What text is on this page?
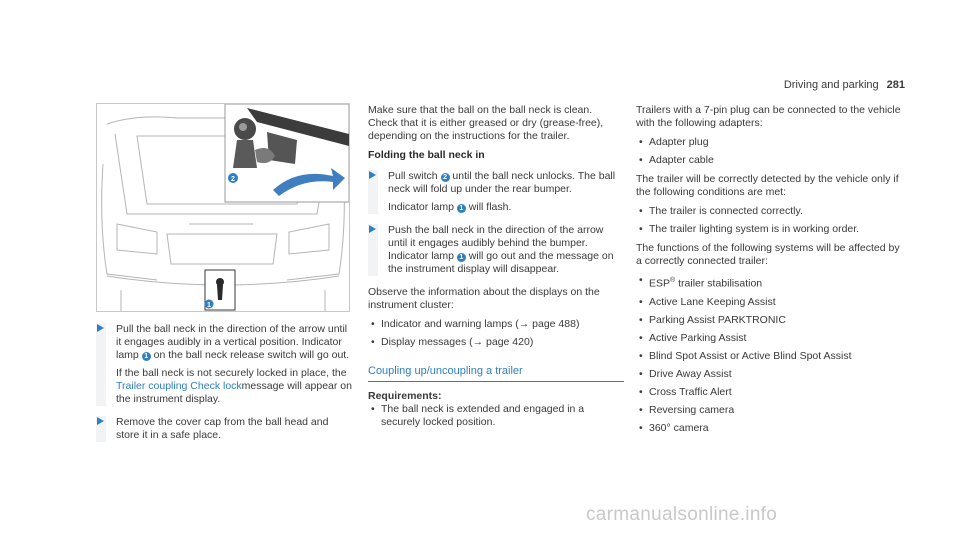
Driving and parking 281
2
1

Pull the ball neck in the direction of the arrow until it engages audibly in a vertical position. Indicator lamp 1 on the ball neck release switch will go out.

If the ball neck is not securely locked in place, the Trailer coupling Check lockmessage will appear on the instrument display.

Remove the cover cap from the ball head and store it in a safe place.

Make sure that the ball on the ball neck is clean. Check that it is either greased or dry (grease-free), depending on the instructions for the trailer.

Folding the ball neck in

Pull switch 2 until the ball neck unlocks. The ball neck will fold up under the rear bumper.

Indicator lamp 1 will flash.

Push the ball neck in the direction of the arrow until it engages audibly behind the bumper.

Indicator lamp 1 will go out and the message on the instrument display will disappear.

Observe the information about the displays on the instrument cluster:

• Indicator and warning lamps (→ page 488)
• Display messages (→ page 420)
Coupling up/uncoupling a trailer
Requirements:
• The ball neck is extended and engaged in a securely locked position.

Trailers with a 7-pin plug can be connected to the vehicle with the following adapters:

• Adapter plug
• Adapter cable

The trailer will be correctly detected by the vehicle only if the following conditions are met:

• The trailer is connected correctly.
• The trailer lighting system is in working order.

The functions of the following systems will be affected by a correctly connected trailer:

• ESP® trailer stabilisation
• Active Lane Keeping Assist
• Parking Assist PARKTRONIC
• Active Parking Assist
• Blind Spot Assist or Active Blind Spot Assist
• Drive Away Assist
• Cross Traffic Alert
• Reversing camera
• 360° camera
carmanualsonline.info
